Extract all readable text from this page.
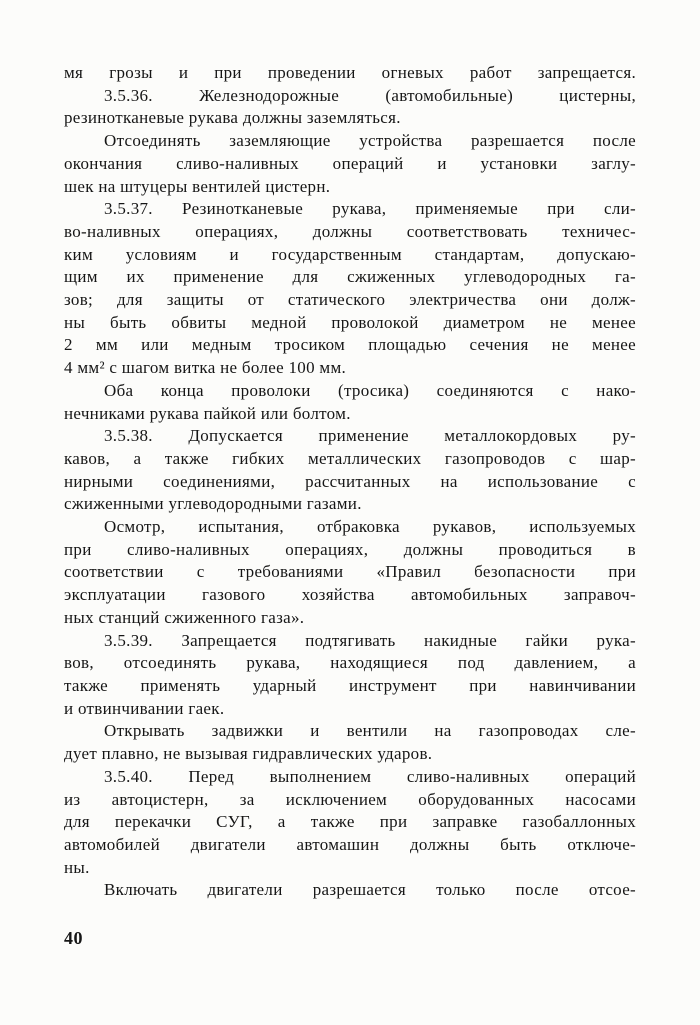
мя грозы и при проведении огневых работ запрещается.
3.5.36. Железнодорожные (автомобильные) цистерны,
резинотканевые рукава должны заземляться.
Отсоединять заземляющие устройства разрешается после
окончания сливо-наливных операций и установки заглу-
шек на штуцеры вентилей цистерн.
3.5.37. Резинотканевые рукава, применяемые при сли-
во-наливных операциях, должны соответствовать техничес-
ким условиям и государственным стандартам, допускаю-
щим их применение для сжиженных углеводородных га-
зов; для защиты от статического электричества они долж-
ны быть обвиты медной проволокой диаметром не менее
2 мм или медным тросиком площадью сечения не менее
4 мм² с шагом витка не более 100 мм.
Оба конца проволоки (тросика) соединяются с нако-
нечниками рукава пайкой или болтом.
3.5.38. Допускается применение металлокордовых ру-
кавов, а также гибких металлических газопроводов с шар-
нирными соединениями, рассчитанных на использование с
сжиженными углеводородными газами.
Осмотр, испытания, отбраковка рукавов, используемых
при сливо-наливных операциях, должны проводиться в
соответствии с требованиями «Правил безопасности при
эксплуатации газового хозяйства автомобильных заправоч-
ных станций сжиженного газа».
3.5.39. Запрещается подтягивать накидные гайки рука-
вов, отсоединять рукава, находящиеся под давлением, а
также применять ударный инструмент при навинчивании
и отвинчивании гаек.
Открывать задвижки и вентили на газопроводах сле-
дует плавно, не вызывая гидравлических ударов.
3.5.40. Перед выполнением сливо-наливных операций
из автоцистерн, за исключением оборудованных насосами
для перекачки СУГ, а также при заправке газобаллонных
автомобилей двигатели автомашин должны быть отключе-
ны.
Включать двигатели разрешается только после отсое-
40
